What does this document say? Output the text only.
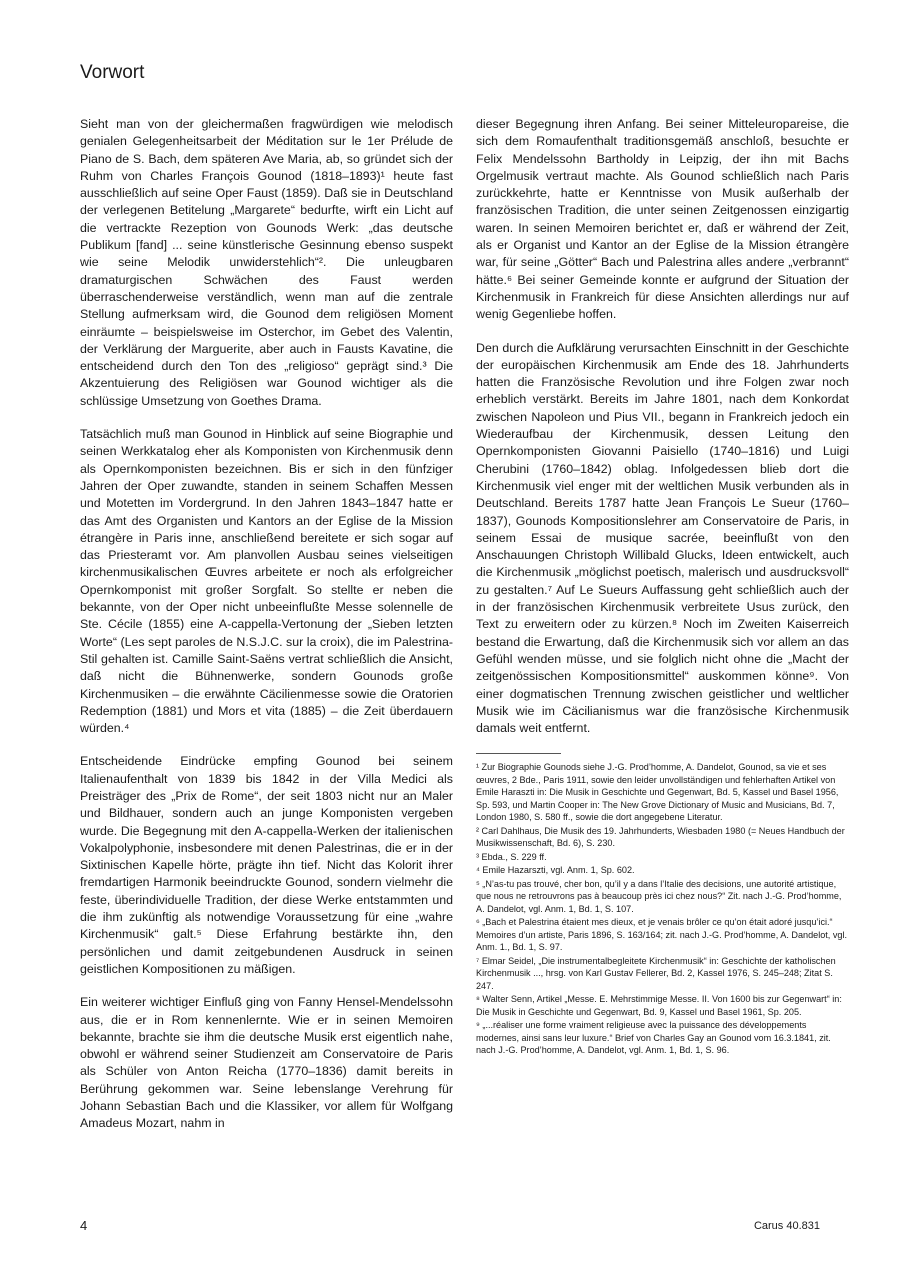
Vorwort

Sieht man von der gleichermaßen fragwürdigen wie melodisch genialen Gelegenheitsarbeit der Méditation sur le 1er Prélude de Piano de S. Bach, dem späteren Ave Maria, ab, so gründet sich der Ruhm von Charles François Gounod (1818–1893)¹ heute fast ausschließlich auf seine Oper Faust (1859). Daß sie in Deutschland der verlegenen Betitelung „Margarete“ bedurfte, wirft ein Licht auf die vertrackte Rezeption von Gounods Werk: „das deutsche Publikum [fand] ... seine künstlerische Gesinnung ebenso suspekt wie seine Melodik unwiderstehlich“². Die unleugbaren dramaturgischen Schwächen des Faust werden überraschenderweise verständlich, wenn man auf die zentrale Stellung aufmerksam wird, die Gounod dem religiösen Moment einräumte – beispielsweise im Osterchor, im Gebet des Valentin, der Verklärung der Marguerite, aber auch in Fausts Kavatine, die entscheidend durch den Ton des „religioso“ geprägt sind.³ Die Akzentuierung des Religiösen war Gounod wichtiger als die schlüssige Umsetzung von Goethes Drama.

Tatsächlich muß man Gounod in Hinblick auf seine Biographie und seinen Werkkatalog eher als Komponisten von Kirchenmusik denn als Opernkomponisten bezeichnen. Bis er sich in den fünfziger Jahren der Oper zuwandte, standen in seinem Schaffen Messen und Motetten im Vordergrund. In den Jahren 1843–1847 hatte er das Amt des Organisten und Kantors an der Eglise de la Mission étrangère in Paris inne, anschließend bereitete er sich sogar auf das Priesteramt vor. Am planvollen Ausbau seines vielseitigen kirchenmusikalischen Œuvres arbeitete er noch als erfolgreicher Opernkomponist mit großer Sorgfalt. So stellte er neben die bekannte, von der Oper nicht unbeeinflußte Messe solennelle de Ste. Cécile (1855) eine A-cappella-Vertonung der „Sieben letzten Worte“ (Les sept paroles de N.S.J.C. sur la croix), die im Palestrina-Stil gehalten ist. Camille Saint-Saëns vertrat schließlich die Ansicht, daß nicht die Bühnenwerke, sondern Gounods große Kirchenmusiken – die erwähnte Cäcilienmesse sowie die Oratorien Redemption (1881) und Mors et vita (1885) – die Zeit überdauern würden.⁴

Entscheidende Eindrücke empfing Gounod bei seinem Italienaufenthalt von 1839 bis 1842 in der Villa Medici als Preisträger des „Prix de Rome“, der seit 1803 nicht nur an Maler und Bildhauer, sondern auch an junge Komponisten vergeben wurde. Die Begegnung mit den A-cappella-Werken der italienischen Vokalpolyphonie, insbesondere mit denen Palestrinas, die er in der Sixtinischen Kapelle hörte, prägte ihn tief. Nicht das Kolorit ihrer fremdartigen Harmonik beeindruckte Gounod, sondern vielmehr die feste, überindividuelle Tradition, der diese Werke entstammten und die ihm zukünftig als notwendige Voraussetzung für eine „wahre Kirchenmusik“ galt.⁵ Diese Erfahrung bestärkte ihn, den persönlichen und damit zeitgebundenen Ausdruck in seinen geistlichen Kompositionen zu mäßigen.

Ein weiterer wichtiger Einfluß ging von Fanny Hensel-Mendelssohn aus, die er in Rom kennenlernte. Wie er in seinen Memoiren bekannte, brachte sie ihm die deutsche Musik erst eigentlich nahe, obwohl er während seiner Studienzeit am Conservatoire de Paris als Schüler von Anton Reicha (1770–1836) damit bereits in Berührung gekommen war. Seine lebenslange Verehrung für Johann Sebastian Bach und die Klassiker, vor allem für Wolfgang Amadeus Mozart, nahm in

dieser Begegnung ihren Anfang. Bei seiner Mitteleuropareise, die sich dem Romaufenthalt traditionsgemäß anschloß, besuchte er Felix Mendelssohn Bartholdy in Leipzig, der ihn mit Bachs Orgelmusik vertraut machte. Als Gounod schließlich nach Paris zurückkehrte, hatte er Kenntnisse von Musik außerhalb der französischen Tradition, die unter seinen Zeitgenossen einzigartig waren. In seinen Memoiren berichtet er, daß er während der Zeit, als er Organist und Kantor an der Eglise de la Mission étrangère war, für seine „Götter“ Bach und Palestrina alles andere „verbrannt“ hätte.⁶ Bei seiner Gemeinde konnte er aufgrund der Situation der Kirchenmusik in Frankreich für diese Ansichten allerdings nur auf wenig Gegenliebe hoffen.

Den durch die Aufklärung verursachten Einschnitt in der Geschichte der europäischen Kirchenmusik am Ende des 18. Jahrhunderts hatten die Französische Revolution und ihre Folgen zwar noch erheblich verstärkt. Bereits im Jahre 1801, nach dem Konkordat zwischen Napoleon und Pius VII., begann in Frankreich jedoch ein Wiederaufbau der Kirchenmusik, dessen Leitung den Opernkomponisten Giovanni Paisiello (1740–1816) und Luigi Cherubini (1760–1842) oblag. Infolgedessen blieb dort die Kirchenmusik viel enger mit der weltlichen Musik verbunden als in Deutschland. Bereits 1787 hatte Jean François Le Sueur (1760–1837), Gounods Kompositionslehrer am Conservatoire de Paris, in seinem Essai de musique sacrée, beeinflußt von den Anschauungen Christoph Willibald Glucks, Ideen entwickelt, auch die Kirchenmusik „möglichst poetisch, malerisch und ausdrucksvoll“ zu gestalten.⁷ Auf Le Sueurs Auffassung geht schließlich auch der in der französischen Kirchenmusik verbreitete Usus zurück, den Text zu erweitern oder zu kürzen.⁸ Noch im Zweiten Kaiserreich bestand die Erwartung, daß die Kirchenmusik sich vor allem an das Gefühl wenden müsse, und sie folglich nicht ohne die „Macht der zeitgenössischen Kompositionsmittel“ auskommen könne⁹. Von einer dogmatischen Trennung zwischen geistlicher und weltlicher Musik wie im Cäcilianismus war die französische Kirchenmusik damals weit entfernt.

¹ Zur Biographie Gounods siehe J.-G. Prod’homme, A. Dandelot, Gounod, sa vie et ses œuvres, 2 Bde., Paris 1911, sowie den leider unvollständigen und fehlerhaften Artikel von Emile Haraszti in: Die Musik in Geschichte und Gegenwart, Bd. 5, Kassel und Basel 1956, Sp. 593, und Martin Cooper in: The New Grove Dictionary of Music and Musicians, Bd. 7, London 1980, S. 580 ff., sowie die dort angegebene Literatur.
² Carl Dahlhaus, Die Musik des 19. Jahrhunderts, Wiesbaden 1980 (= Neues Handbuch der Musikwissenschaft, Bd. 6), S. 230.
³ Ebda., S. 229 ff.
⁴ Emile Hazarszti, vgl. Anm. 1, Sp. 602.
⁵ „N’as-tu pas trouvé, cher bon, qu’il y a dans l’Italie des decisions, une autorité artistique, que nous ne retrouvrons pas à beaucoup près ici chez nous?“ Zit. nach J.-G. Prod’homme, A. Dandelot, vgl. Anm. 1, Bd. 1, S. 107.
⁶ „Bach et Palestrina étaient mes dieux, et je venais brôler ce qu’on était adoré jusqu’ici.“ Memoires d’un artiste, Paris 1896, S. 163/164; zit. nach J.-G. Prod’homme, A. Dandelot, vgl. Anm. 1., Bd. 1, S. 97.
⁷ Elmar Seidel, „Die instrumentalbegleitete Kirchenmusik“ in: Geschichte der katholischen Kirchenmusik ..., hrsg. von Karl Gustav Fellerer, Bd. 2, Kassel 1976, S. 245–248; Zitat S. 247.
⁸ Walter Senn, Artikel „Messe. E. Mehrstimmige Messe. II. Von 1600 bis zur Gegenwart“ in: Die Musik in Geschichte und Gegenwart, Bd. 9, Kassel und Basel 1961, Sp. 205.
⁹ „...réaliser une forme vraiment religieuse avec la puissance des développements modernes, ainsi sans leur luxure.“ Brief von Charles Gay an Gounod vom 16.3.1841, zit. nach J.-G. Prod’homme, A. Dandelot, vgl. Anm. 1, Bd. 1, S. 96.
4	Carus 40.831
